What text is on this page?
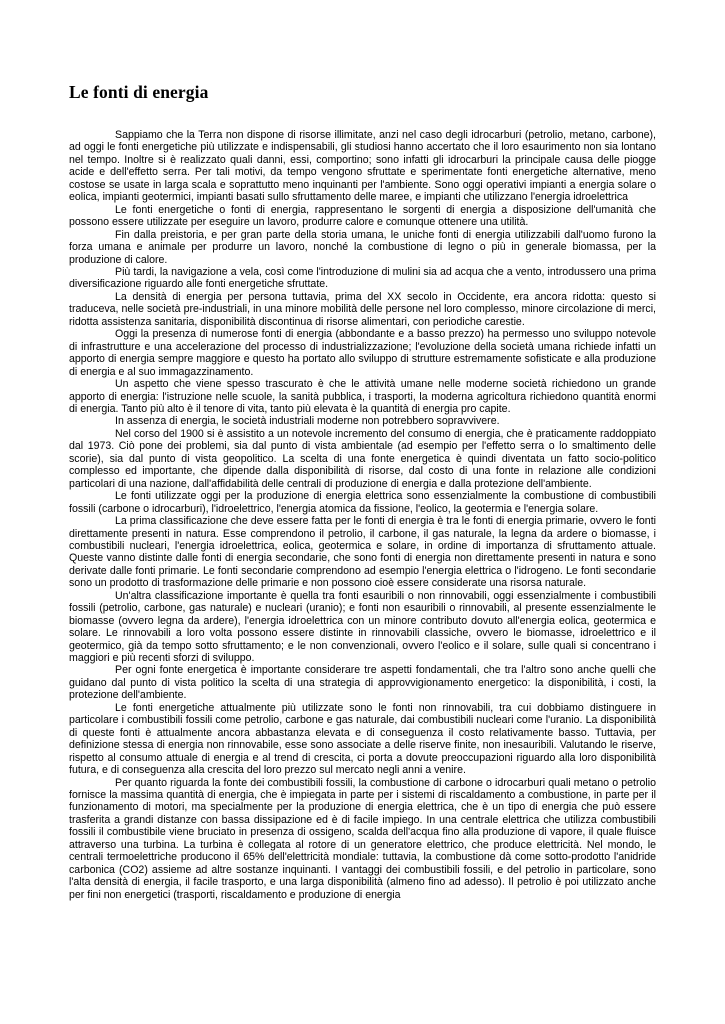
Le fonti di energia

Sappiamo che la Terra non dispone di risorse illimitate, anzi nel caso degli idrocarburi (petrolio, metano, carbone), ad oggi le fonti energetiche più utilizzate e indispensabili, gli studiosi hanno accertato che il loro esaurimento non sia lontano nel tempo. Inoltre si è realizzato quali danni, essi, comportino; sono infatti gli idrocarburi la principale causa delle piogge acide e dell'effetto serra. Per tali motivi, da tempo vengono sfruttate e sperimentate fonti energetiche alternative, meno costose se usate in larga scala e soprattutto meno inquinanti per l'ambiente. Sono oggi operativi impianti a energia solare o eolica, impianti geotermici, impianti basati sullo sfruttamento delle maree, e impianti che utilizzano l'energia idroelettrica

Le fonti energetiche o fonti di energia, rappresentano le sorgenti di energia a disposizione dell'umanità che possono essere utilizzate per eseguire un lavoro, produrre calore e comunque ottenere una utilità.

Fin dalla preistoria, e per gran parte della storia umana, le uniche fonti di energia utilizzabili dall'uomo furono la forza umana e animale per produrre un lavoro, nonché la combustione di legno o più in generale biomassa, per la produzione di calore.

Più tardi, la navigazione a vela, così come l'introduzione di mulini sia ad acqua che a vento, introdussero una prima diversificazione riguardo alle fonti energetiche sfruttate.

La densità di energia per persona tuttavia, prima del XX secolo in Occidente, era ancora ridotta: questo si traduceva, nelle società pre-industriali, in una minore mobilità delle persone nel loro complesso, minore circolazione di merci, ridotta assistenza sanitaria, disponibilità discontinua di risorse alimentari, con periodiche carestie.

Oggi la presenza di numerose fonti di energia (abbondante e a basso prezzo) ha permesso uno sviluppo notevole di infrastrutture e una accelerazione del processo di industrializzazione; l'evoluzione della società umana richiede infatti un apporto di energia sempre maggiore e questo ha portato allo sviluppo di strutture estremamente sofisticate e alla produzione di energia e al suo immagazzinamento.

Un aspetto che viene spesso trascurato è che le attività umane nelle moderne società richiedono un grande apporto di energia: l'istruzione nelle scuole, la sanità pubblica, i trasporti, la moderna agricoltura richiedono quantità enormi di energia. Tanto più alto è il tenore di vita, tanto più elevata è la quantità di energia pro capite.

In assenza di energia, le società industriali moderne non potrebbero sopravvivere.

Nel corso del 1900 si è assistito a un notevole incremento del consumo di energia, che è praticamente raddoppiato dal 1973. Ciò pone dei problemi, sia dal punto di vista ambientale (ad esempio per l'effetto serra o lo smaltimento delle scorie), sia dal punto di vista geopolitico. La scelta di una fonte energetica è quindi diventata un fatto socio-politico complesso ed importante, che dipende dalla disponibilità di risorse, dal costo di una fonte in relazione alle condizioni particolari di una nazione, dall'affidabilità delle centrali di produzione di energia e dalla protezione dell'ambiente.

Le fonti utilizzate oggi per la produzione di energia elettrica sono essenzialmente la combustione di combustibili fossili (carbone o idrocarburi), l'idroelettrico, l'energia atomica da fissione, l'eolico, la geotermia e l'energia solare.

La prima classificazione che deve essere fatta per le fonti di energia è tra le fonti di energia primarie, ovvero le fonti direttamente presenti in natura. Esse comprendono il petrolio, il carbone, il gas naturale, la legna da ardere o biomasse, i combustibili nucleari, l'energia idroelettrica, eolica, geotermica e solare, in ordine di importanza di sfruttamento attuale. Queste vanno distinte dalle fonti di energia secondarie, che sono fonti di energia non direttamente presenti in natura e sono derivate dalle fonti primarie. Le fonti secondarie comprendono ad esempio l'energia elettrica o l'idrogeno. Le fonti secondarie sono un prodotto di trasformazione delle primarie e non possono cioè essere considerate una risorsa naturale.

Un'altra classificazione importante è quella tra fonti esauribili o non rinnovabili, oggi essenzialmente i combustibili fossili (petrolio, carbone, gas naturale) e nucleari (uranio); e fonti non esauribili o rinnovabili, al presente essenzialmente le biomasse (ovvero legna da ardere), l'energia idroelettrica con un minore contributo dovuto all'energia eolica, geotermica e solare. Le rinnovabili a loro volta possono essere distinte in rinnovabili classiche, ovvero le biomasse, idroelettrico e il geotermico, già da tempo sotto sfruttamento; e le non convenzionali, ovvero l'eolico e il solare, sulle quali si concentrano i maggiori e più recenti sforzi di sviluppo.

Per ogni fonte energetica è importante considerare tre aspetti fondamentali, che tra l'altro sono anche quelli che guidano dal punto di vista politico la scelta di una strategia di approvvigionamento energetico: la disponibilità, i costi, la protezione dell'ambiente.

Le fonti energetiche attualmente più utilizzate sono le fonti non rinnovabili, tra cui dobbiamo distinguere in particolare i combustibili fossili come petrolio, carbone e gas naturale, dai combustibili nucleari come l'uranio. La disponibilità di queste fonti è attualmente ancora abbastanza elevata e di conseguenza il costo relativamente basso. Tuttavia, per definizione stessa di energia non rinnovabile, esse sono associate a delle riserve finite, non inesauribili. Valutando le riserve, rispetto al consumo attuale di energia e al trend di crescita, ci porta a dovute preoccupazioni riguardo alla loro disponibilità futura, e di conseguenza alla crescita del loro prezzo sul mercato negli anni a venire.

Per quanto riguarda la fonte dei combustibili fossili, la combustione di carbone o idrocarburi quali metano o petrolio fornisce la massima quantità di energia, che è impiegata in parte per i sistemi di riscaldamento a combustione, in parte per il funzionamento di motori, ma specialmente per la produzione di energia elettrica, che è un tipo di energia che può essere trasferita a grandi distanze con bassa dissipazione ed è di facile impiego. In una centrale elettrica che utilizza combustibili fossili il combustibile viene bruciato in presenza di ossigeno, scalda dell'acqua fino alla produzione di vapore, il quale fluisce attraverso una turbina. La turbina è collegata al rotore di un generatore elettrico, che produce elettricità. Nel mondo, le centrali termoelettriche producono il 65% dell'elettricità mondiale: tuttavia, la combustione dà come sotto-prodotto l'anidride carbonica (CO2) assieme ad altre sostanze inquinanti. I vantaggi dei combustibili fossili, e del petrolio in particolare, sono l'alta densità di energia, il facile trasporto, e una larga disponibilità (almeno fino ad adesso). Il petrolio è poi utilizzato anche per fini non energetici (trasporti, riscaldamento e produzione di energia
